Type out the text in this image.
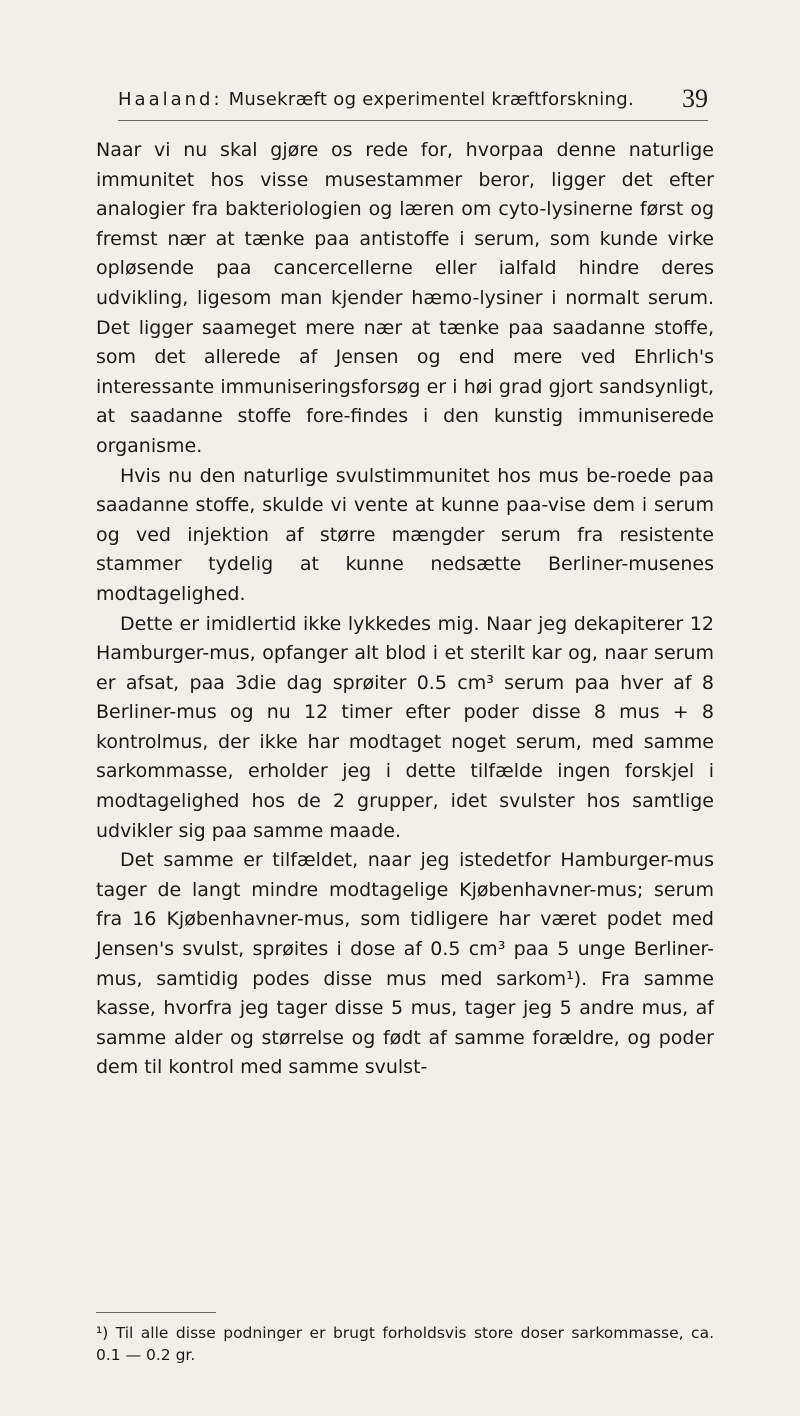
Haaland: Musekræft og experimentel kræftforskning. 39

Naar vi nu skal gjøre os rede for, hvorpaa denne naturlige immunitet hos visse musestammer beror, ligger det efter analogier fra bakteriologien og læren om cyto-lysinerne først og fremst nær at tænke paa antistoffe i serum, som kunde virke opløsende paa cancercellerne eller ialfald hindre deres udvikling, ligesom man kjender hæmo-lysiner i normalt serum. Det ligger saameget mere nær at tænke paa saadanne stoffe, som det allerede af Jensen og end mere ved Ehrlich's interessante immuniseringsforsøg er i høi grad gjort sandsynligt, at saadanne stoffe fore-findes i den kunstig immuniserede organisme.

Hvis nu den naturlige svulstimmunitet hos mus be-roede paa saadanne stoffe, skulde vi vente at kunne paa-vise dem i serum og ved injektion af større mængder serum fra resistente stammer tydelig at kunne nedsætte Berliner-musenes modtagelighed.

Dette er imidlertid ikke lykkedes mig. Naar jeg dekapiterer 12 Hamburger-mus, opfanger alt blod i et sterilt kar og, naar serum er afsat, paa 3die dag sprøiter 0.5 cm³ serum paa hver af 8 Berliner-mus og nu 12 timer efter poder disse 8 mus + 8 kontrolmus, der ikke har modtaget noget serum, med samme sarkommasse, erholder jeg i dette tilfælde ingen forskjel i modtagelighed hos de 2 grupper, idet svulster hos samtlige udvikler sig paa samme maade.

Det samme er tilfældet, naar jeg istedetfor Hamburger-mus tager de langt mindre modtagelige Kjøbenhavner-mus; serum fra 16 Kjøbenhavner-mus, som tidligere har været podet med Jensen's svulst, sprøites i dose af 0.5 cm³ paa 5 unge Berliner-mus, samtidig podes disse mus med sarkom¹). Fra samme kasse, hvorfra jeg tager disse 5 mus, tager jeg 5 andre mus, af samme alder og størrelse og født af samme forældre, og poder dem til kontrol med samme svulst-

¹) Til alle disse podninger er brugt forholdsvis store doser sarkommasse, ca. 0.1 — 0.2 gr.
